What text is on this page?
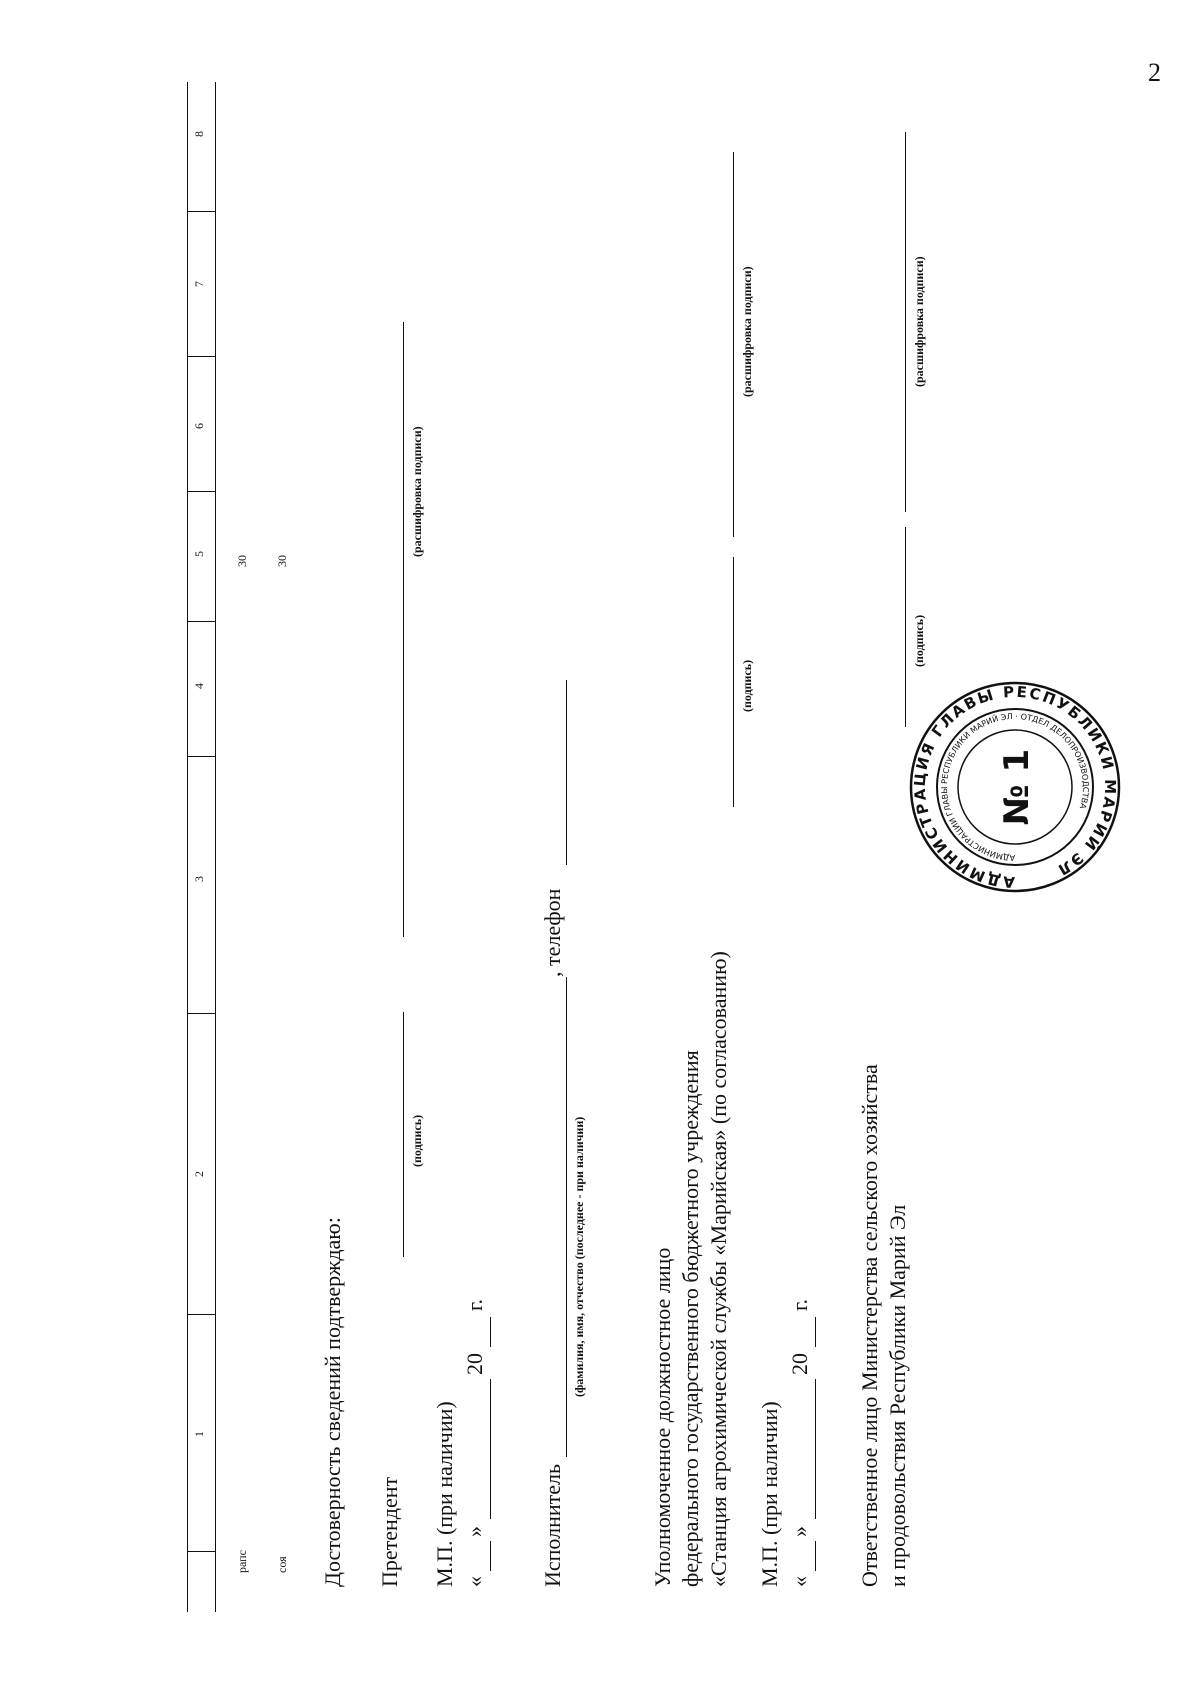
2
1
2
3
4
5
6
7
8
рапс
30
соя
30
Достоверность сведений подтверждаю: Претендент
(подпись)
(расшифровка подписи)
М.П. (при наличии) «
»
20
г.
Исполнитель
(фамилия, имя, отчество (последнее - при наличии)
, телефон
Уполномоченное должностное лицо федерального государственного бюджетного учреждения «Станция агрохимической службы «Марийская» (по согласованию)
(подпись)
(расшифровка подписи)
М.П. (при наличии) «
»
20
г. Ответственное лицо Министерства сельского хозяйства и продовольствия Республики Марий Эл
(подпись)
(расшифровка подписи)
АДМИНИСТРАЦИЯ ГЛАВЫ РЕСПУБЛИКИ МАРИЙ ЭЛ
АДМИНИСТРАЦИИ ГЛАВЫ РЕСПУБЛИКИ МАРИЙ ЭЛ · ОТДЕЛ ДЕЛОПРОИЗВОДСТВА
№ 1
